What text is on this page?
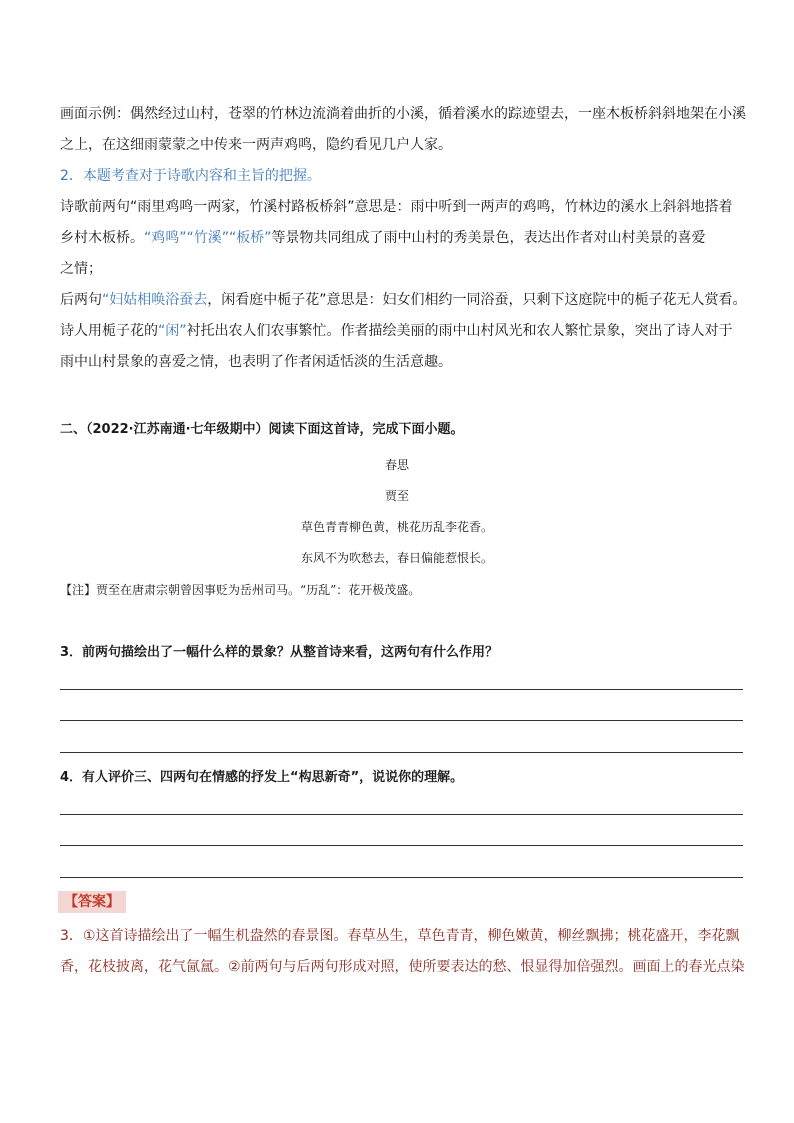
画面示例：偶然经过山村，苍翠的竹林边流淌着曲折的小溪，循着溪水的踪迹望去，一座木板桥斜斜地架在小溪
之上，在这细雨蒙蒙之中传来一两声鸡鸣，隐约看见几户人家。
2．本题考查对于诗歌内容和主旨的把握。
诗歌前两句“雨里鸡鸣一两家，竹溪村路板桥斜”意思是：雨中听到一两声的鸡鸣，竹林边的溪水上斜斜地搭着
乡村木板桥。“鸡鸣”“竹溪”“板桥”等景物共同组成了雨中山村的秀美景色，表达出作者对山村美景的喜爱
之情；
后两句“妇姑相唤浴蚕去，闲看庭中栀子花”意思是：妇女们相约一同浴蚕，只剩下这庭院中的栀子花无人赏看。
诗人用栀子花的“闲”衬托出农人们农事繁忙。作者描绘美丽的雨中山村风光和农人繁忙景象，突出了诗人对于
雨中山村景象的喜爱之情，也表明了作者闲适恬淡的生活意趣。
二、（2022·江苏南通·七年级期中）阅读下面这首诗，完成下面小题。
春思
贾至
草色青青柳色黄，桃花历乱李花香。
东风不为吹愁去，春日偏能惹恨长。
【注】贾至在唐肃宗朝曾因事贬为岳州司马。“历乱”：花开极茂盛。
3．前两句描绘出了一幅什么样的景象？从整首诗来看，这两句有什么作用？
4．有人评价三、四两句在情感的抒发上“构思新奇”，说说你的理解。
【答案】
3．①这首诗描绘出了一幅生机盎然的春景图。春草丛生，草色青青，柳色嫩黄，柳丝飘拂；桃花盛开，李花飘
香，花枝披离，花气氤氲。②前两句与后两句形成对照，使所要表达的愁、恨显得加倍强烈。画面上的春光点染
